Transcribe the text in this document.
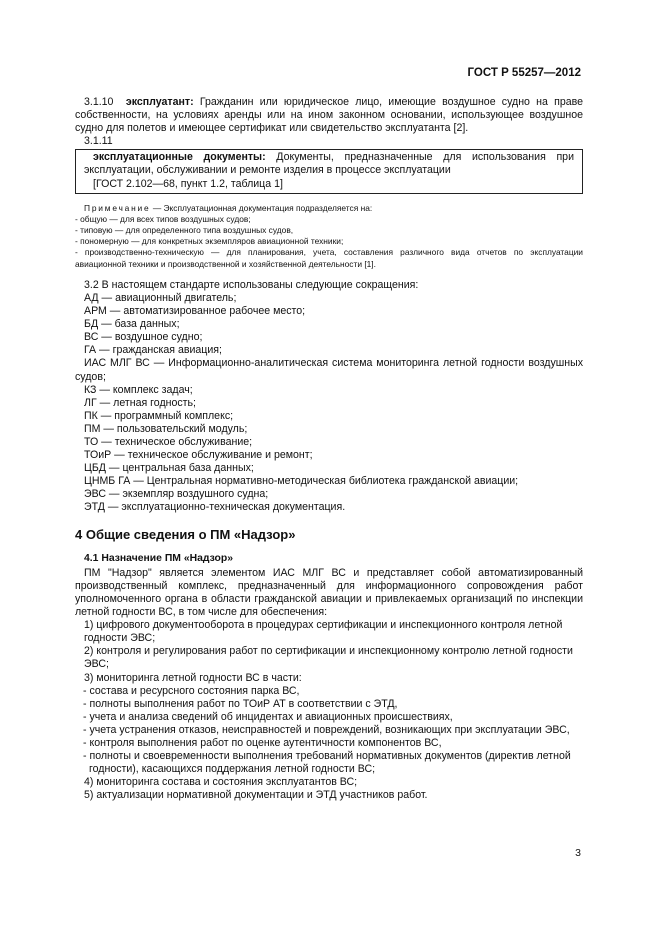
ГОСТ Р 55257—2012

3.1.10 эксплуатант: Гражданин или юридическое лицо, имеющие воздушное судно на праве собственности, на условиях аренды или на ином законном основании, использующее воздушное судно для полетов и имеющее сертификат или свидетельство эксплуатанта [2].

3.1.11

эксплуатационные документы: Документы, предназначенные для использования при эксплуатации, обслуживании и ремонте изделия в процессе эксплуатации

[ГОСТ 2.102—68, пункт 1.2, таблица 1]

Примечание — Эксплуатационная документация подразделяется на:

- общую — для всех типов воздушных судов;

- типовую — для определенного типа воздушных судов,

- пономерную — для конкретных экземпляров авиационной техники;

- производственно-техническую — для планирования, учета, составления различного вида отчетов по эксплуатации авиационной техники и производственной и хозяйственной деятельности [1].

3.2 В настоящем стандарте использованы следующие сокращения:

АД — авиационный двигатель;
АРМ — автоматизированное рабочее место;
БД — база данных;
ВС — воздушное судно;
ГА — гражданская авиация;
ИАС МЛГ ВС — Информационно-аналитическая система мониторинга летной годности воздушных судов;
КЗ — комплекс задач;
ЛГ — летная годность;
ПК — программный комплекс;
ПМ — пользовательский модуль;
ТО — техническое обслуживание;
ТОиР — техническое обслуживание и ремонт;
ЦБД — центральная база данных;
ЦНМБ ГА — Центральная нормативно-методическая библиотека гражданской авиации;
ЭВС — экземпляр воздушного судна;
ЭТД — эксплуатационно-техническая документация.
4 Общие сведения о ПМ «Надзор»

4.1 Назначение ПМ «Надзор»

ПМ "Надзор" является элементом ИАС МЛГ ВС и представляет собой автоматизированный производственный комплекс, предназначенный для информационного сопровождения работ уполномоченного органа в области гражданской авиации и привлекаемых организаций по инспекции летной годности ВС, в том числе для обеспечения:

1) цифрового документооборота в процедурах сертификации и инспекционного контроля летной годности ЭВС;
2) контроля и регулирования работ по сертификации и инспекционному контролю летной годности ЭВС;
3) мониторинга летной годности ВС в части:
- состава и ресурсного состояния парка ВС,
- полноты выполнения работ по ТОиР АТ в соответствии с ЭТД,
- учета и анализа сведений об инцидентах и авиационных происшествиях,
- учета устранения отказов, неисправностей и повреждений, возникающих при эксплуатации ЭВС,
- контроля выполнения работ по оценке аутентичности компонентов ВС,
- полноты и своевременности выполнения требований нормативных документов (директив летной годности), касающихся поддержания летной годности ВС;
4) мониторинга состава и состояния эксплуатантов ВС;
5) актуализации нормативной документации и ЭТД участников работ.
3
